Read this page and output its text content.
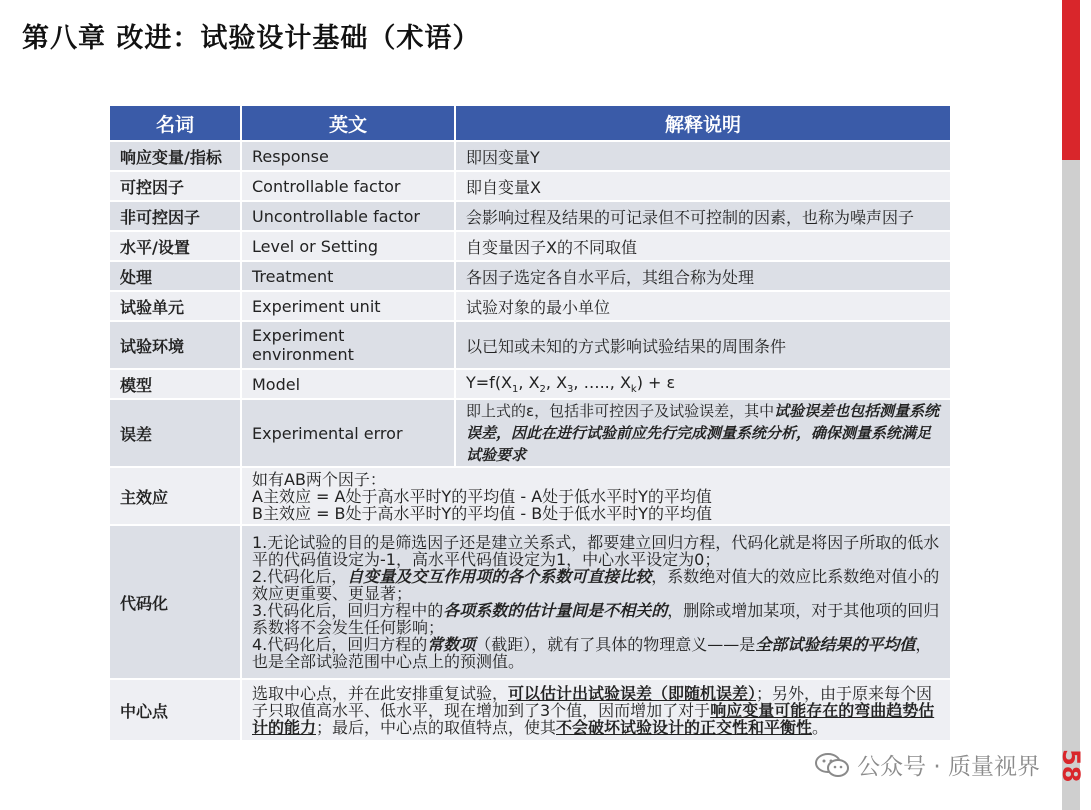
第八章 改进：试验设计基础（术语）
58
名词	英文	解释说明
响应变量/指标	Response	即因变量Y
可控因子	Controllable factor	即自变量X
非可控因子	Uncontrollable factor	会影响过程及结果的可记录但不可控制的因素，也称为噪声因子
水平/设置	Level or Setting	自变量因子X的不同取值
处理	Treatment	各因子选定各自水平后，其组合称为处理
试验单元	Experiment unit	试验对象的最小单位
试验环境	Experiment environment	以已知或未知的方式影响试验结果的周围条件
模型	Model	$Y=f(X_1$, $X_2$, $X_3$, ….., $X_k) + \varepsilon$
误差	Experimental error	即上式的ε，包括非可控因子及试验误差，其中试验误差也包括测量系统误差，因此在进行试验前应先行完成测量系统分析，确保测量系统满足试验要求
主效应	如有AB两个因子：
A主效应 = A处于高水平时Y的平均值 - A处于低水平时Y的平均值
B主效应 = B处于高水平时Y的平均值 - B处于低水平时Y的平均值	

代码化	1.无论试验的目的是筛选因子还是建立关系式，都要建立回归方程，代码化就是将因子所取的低水平的代码值设定为-1，高水平代码值设定为1，中心水平设定为0；
2.代码化后，自变量及交互作用项的各个系数可直接比较，系数绝对值大的效应比系数绝对值小的效应更重要、更显著；
3.代码化后，回归方程中的各项系数的估计量间是不相关的，删除或增加某项，对于其他项的回归系数将不会发生任何影响；
4.代码化后，回归方程的常数项（截距），就有了具体的物理意义——是全部试验结果的平均值，也是全部试验范围中心点上的预测值。	

中心点	选取中心点，并在此安排重复试验，可以估计出试验误差（即随机误差）；另外，由于原来每个因子只取值高水平、低水平，现在增加到了3个值，因而增加了对于响应变量可能存在的弯曲趋势估计的能力；最后，中心点的取值特点，使其不会破坏试验设计的正交性和平衡性。	
公众号 · 质量视界
